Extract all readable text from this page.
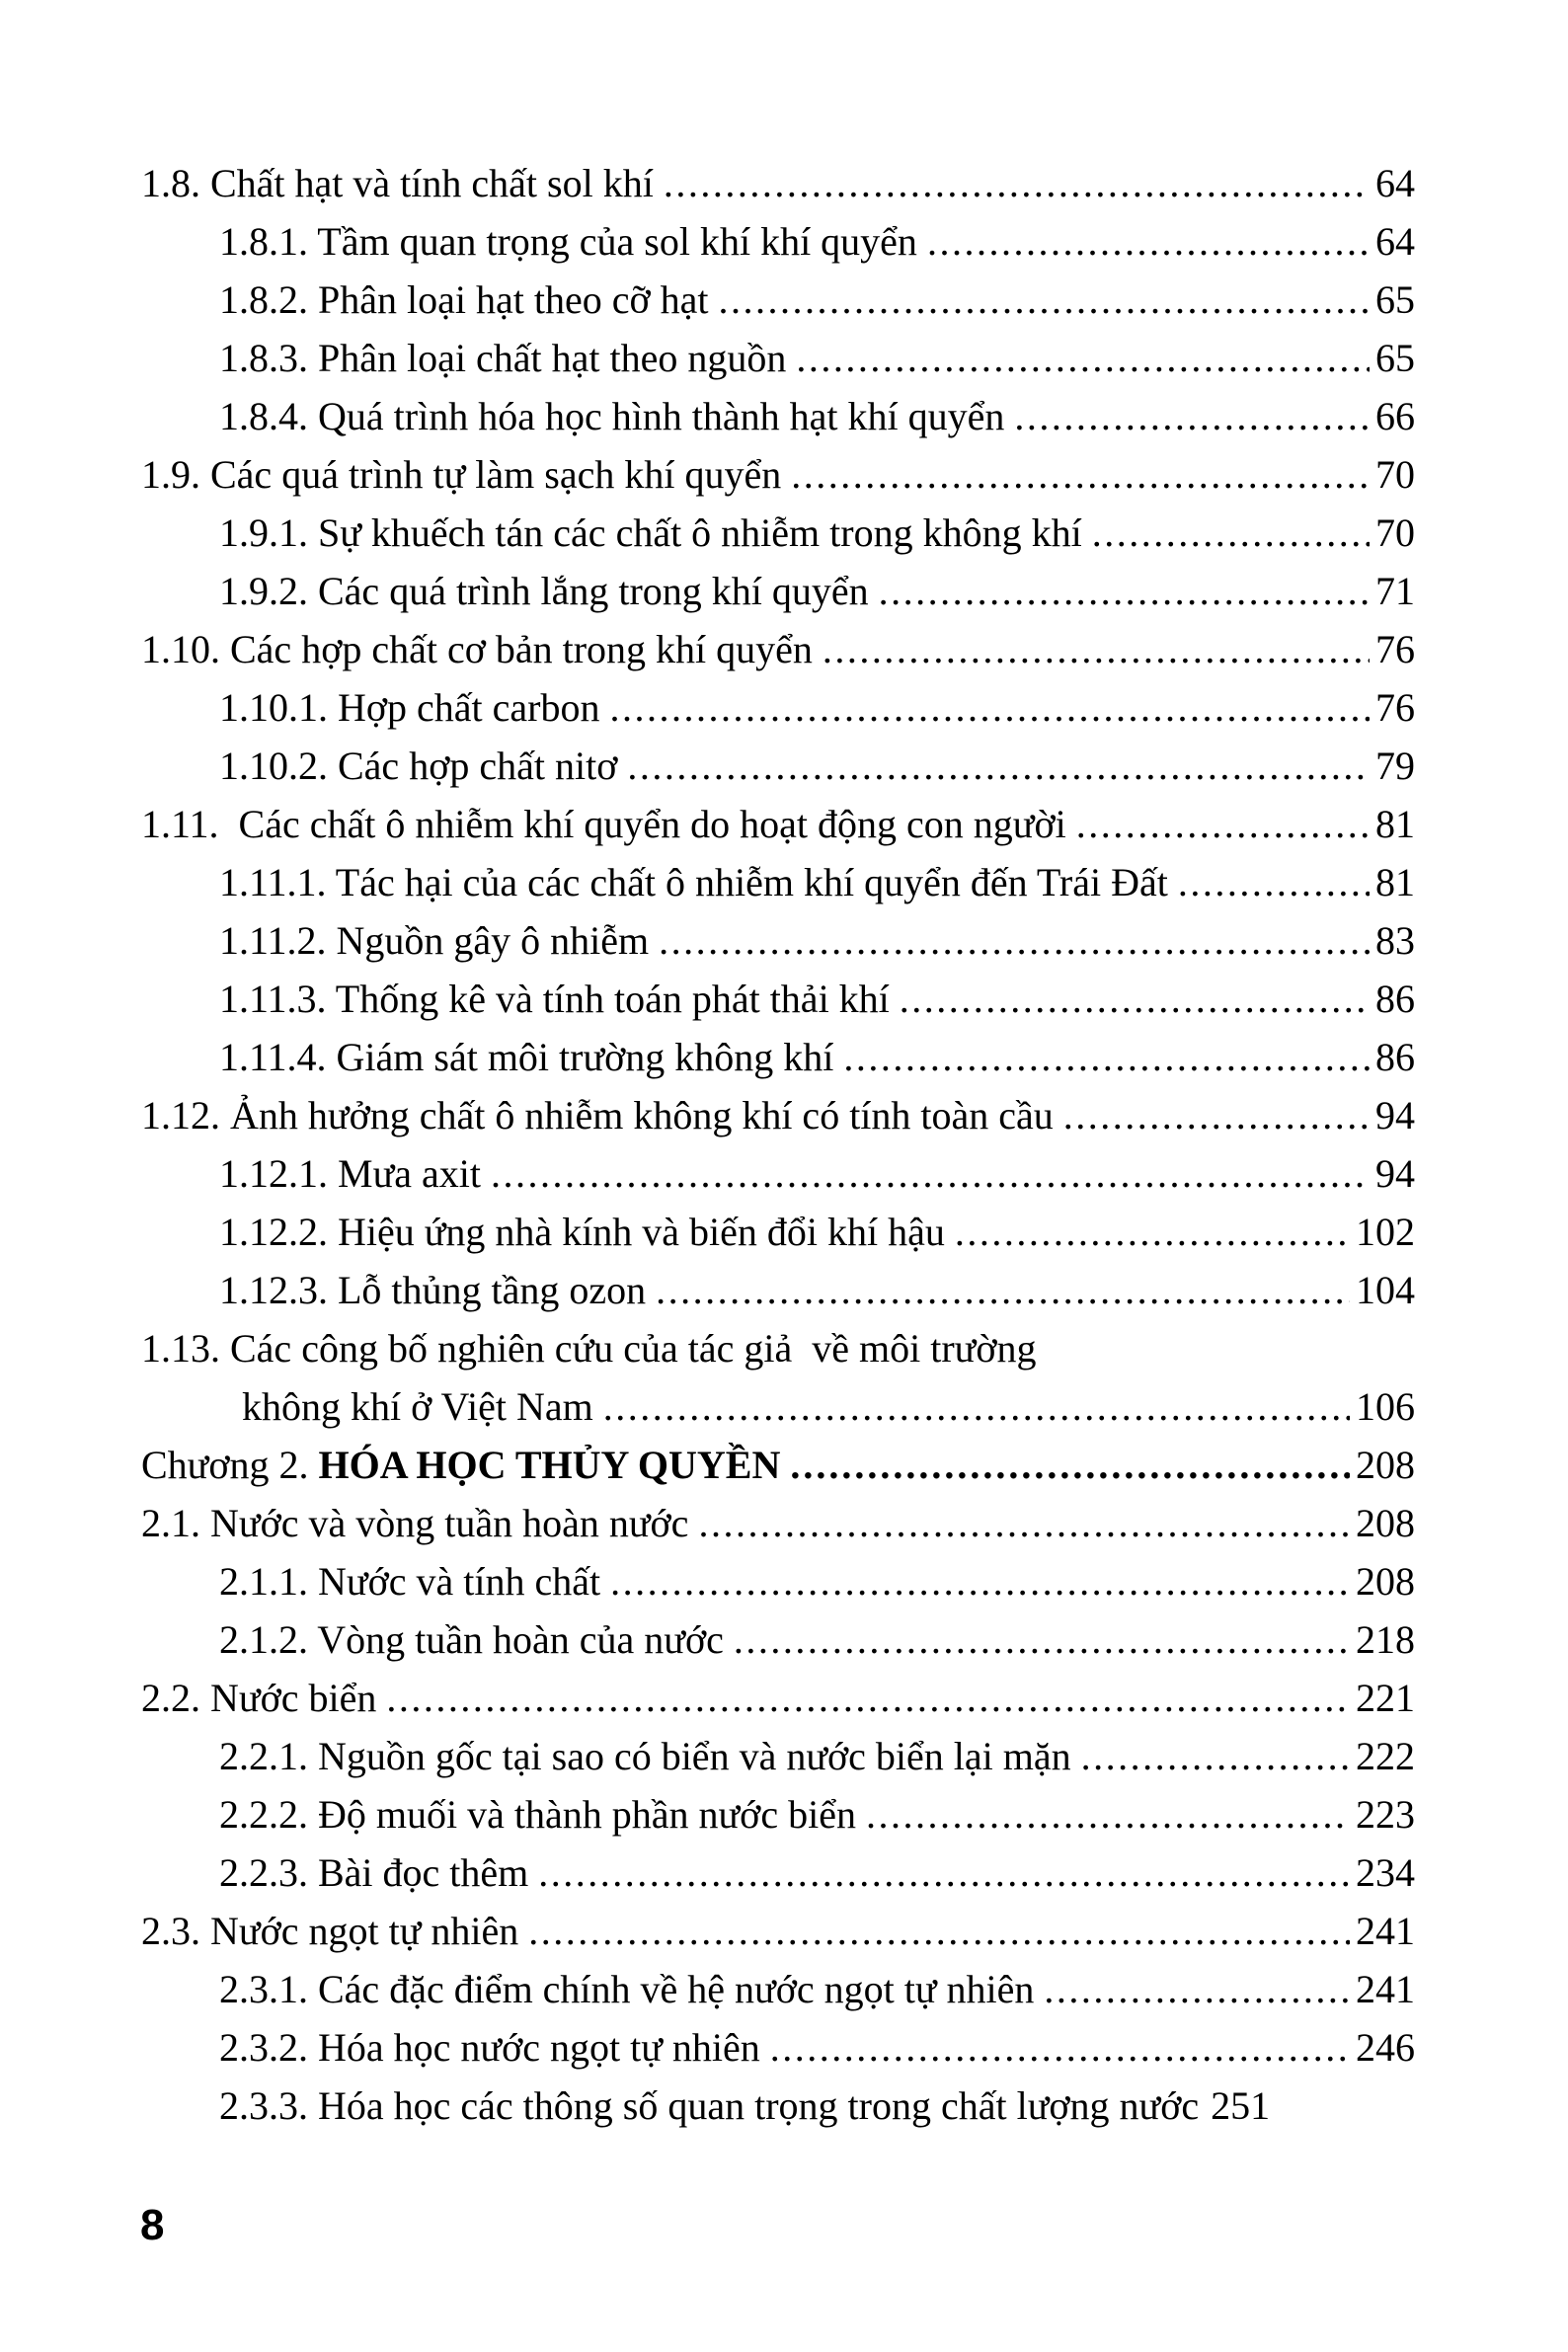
1.8. Chất hạt và tính chất sol khí .....	64
1.8.1. Tầm quan trọng của sol khí khí quyển .....	64
1.8.2. Phân loại hạt theo cỡ hạt .....	65
1.8.3. Phân loại chất hạt theo nguồn .....	65
1.8.4. Quá trình hóa học hình thành hạt khí quyển .....	66
1.9. Các quá trình tự làm sạch khí quyển .....	70
1.9.1. Sự khuếch tán các chất ô nhiễm trong không khí .....	70
1.9.2. Các quá trình lắng trong khí quyển .....	71
1.10. Các hợp chất cơ bản trong khí quyển .....	76
1.10.1. Hợp chất carbon .....	76
1.10.2. Các hợp chất nitơ .....	79
1.11.  Các chất ô nhiễm khí quyển do hoạt động con người .....	81
1.11.1. Tác hại của các chất ô nhiễm khí quyển đến Trái Đất .....	81
1.11.2. Nguồn gây ô nhiễm .....	83
1.11.3. Thống kê và tính toán phát thải khí .....	86
1.11.4. Giám sát môi trường không khí .....	86
1.12. Ảnh hưởng chất ô nhiễm không khí có tính toàn cầu .....	94
1.12.1. Mưa axit .....	94
1.12.2. Hiệu ứng nhà kính và biến đổi khí hậu .....	102
1.12.3. Lỗ thủng tầng ozon .....	104
1.13. Các công bố nghiên cứu của tác giả  về môi trường
không khí ở Việt Nam .....	106
Chương 2. HÓA HỌC THỦY QUYỀN .....	208
2.1. Nước và vòng tuần hoàn nước .....	208
2.1.1. Nước và tính chất .....	208
2.1.2. Vòng tuần hoàn của nước .....	218
2.2. Nước biển .....	221
2.2.1. Nguồn gốc tại sao có biển và nước biển lại mặn .....	222
2.2.2. Độ muối và thành phần nước biển .....	223
2.2.3. Bài đọc thêm .....	234
2.3. Nước ngọt tự nhiên .....	241
2.3.1. Các đặc điểm chính về hệ nước ngọt tự nhiên .....	241
2.3.2. Hóa học nước ngọt tự nhiên .....	246
2.3.3. Hóa học các thông số quan trọng trong chất lượng nước 251
8
